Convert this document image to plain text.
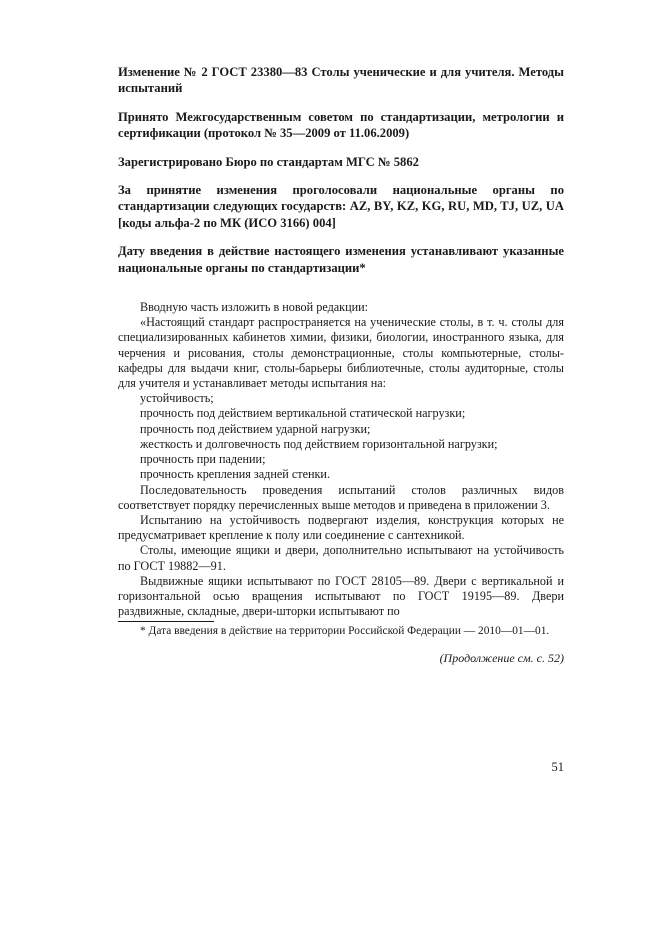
Изменение № 2 ГОСТ 23380—83 Столы ученические и для учителя. Методы испытаний

Принято Межгосударственным советом по стандартизации, метрологии и сертификации (протокол № 35—2009 от 11.06.2009)

Зарегистрировано Бюро по стандартам МГС № 5862

За принятие изменения проголосовали национальные органы по стандартизации следующих государств: AZ, BY, KZ, KG, RU, MD, TJ, UZ, UA [коды альфа-2 по МК (ИСО 3166) 004]

Дату введения в действие настоящего изменения устанавливают указанные национальные органы по стандартизации*

Вводную часть изложить в новой редакции:

«Настоящий стандарт распространяется на ученические столы, в т. ч. столы для специализированных кабинетов химии, физики, биологии, иностранного языка, для черчения и рисования, столы демонстрационные, столы компьютерные, столы-кафедры для выдачи книг, столы-барьеры библиотечные, столы аудиторные, столы для учителя и устанавливает методы испытания на:

устойчивость;

прочность под действием вертикальной статической нагрузки;

прочность под действием ударной нагрузки;

жесткость и долговечность под действием горизонтальной нагрузки;

прочность при падении;

прочность крепления задней стенки.

Последовательность проведения испытаний столов различных видов соответствует порядку перечисленных выше методов и приведена в приложении 3.

Испытанию на устойчивость подвергают изделия, конструкция которых не предусматривает крепление к полу или соединение с сантехникой.

Столы, имеющие ящики и двери, дополнительно испытывают на устойчивость по ГОСТ 19882—91.

Выдвижные ящики испытывают по ГОСТ 28105—89. Двери с вертикальной и горизонтальной осью вращения испытывают по ГОСТ 19195—89. Двери раздвижные, складные, двери-шторки испытывают по

* Дата введения в действие на территории Российской Федерации — 2010—01—01.

(Продолжение см. с. 52)
51
